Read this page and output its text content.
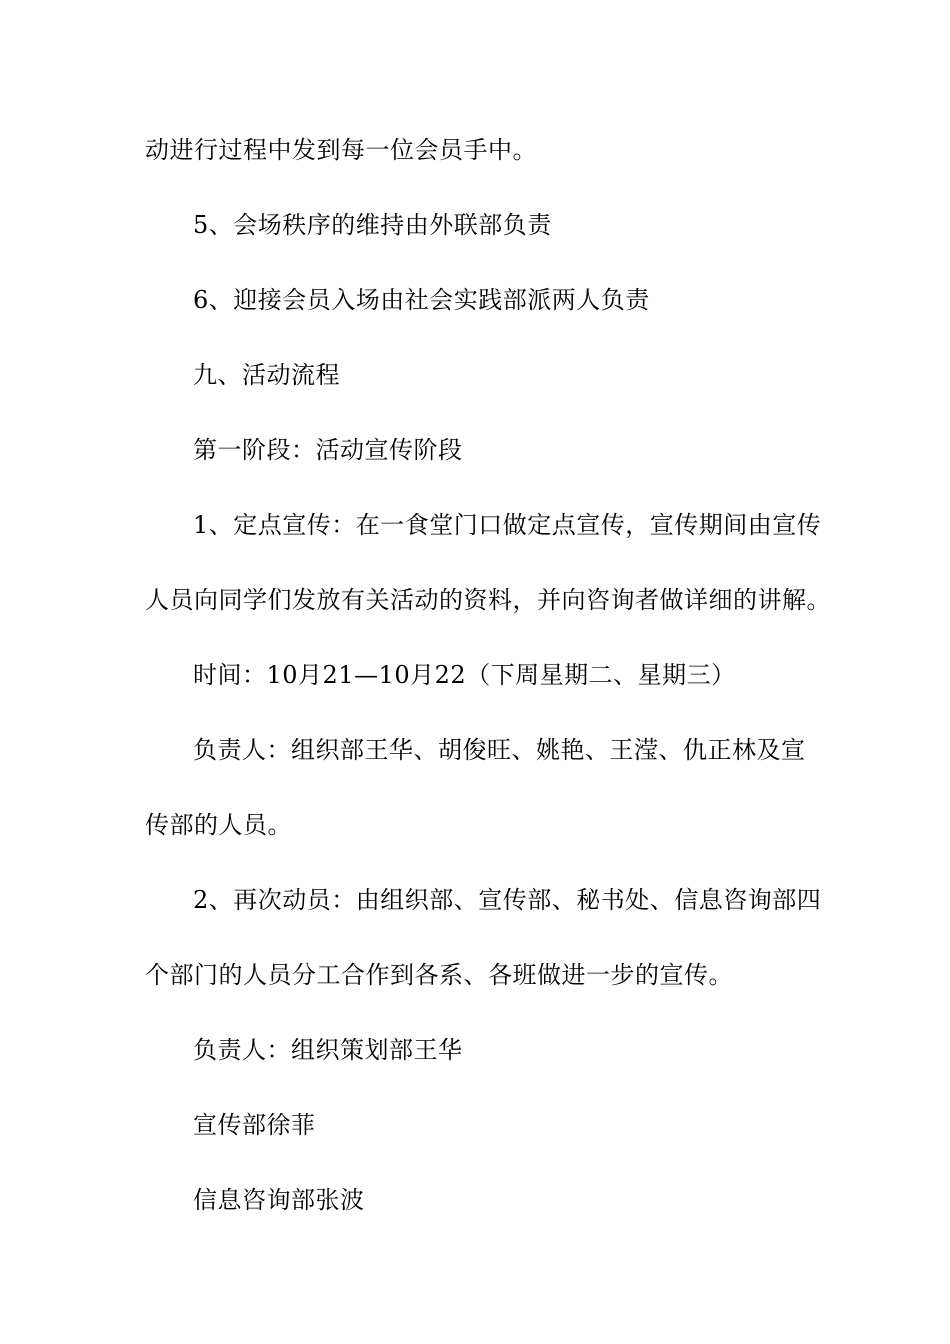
动进行过程中发到每一位会员手中。
5、会场秩序的维持由外联部负责
6、迎接会员入场由社会实践部派两人负责
九、活动流程
第一阶段：活动宣传阶段
1、定点宣传：在一食堂门口做定点宣传，宣传期间由宣传
人员向同学们发放有关活动的资料，并向咨询者做详细的讲解。
时间：10月21—10月22（下周星期二、星期三）
负责人：组织部王华、胡俊旺、姚艳、王滢、仇正林及宣
传部的人员。
2、再次动员：由组织部、宣传部、秘书处、信息咨询部四
个部门的人员分工合作到各系、各班做进一步的宣传。
负责人：组织策划部王华
宣传部徐菲
信息咨询部张波
